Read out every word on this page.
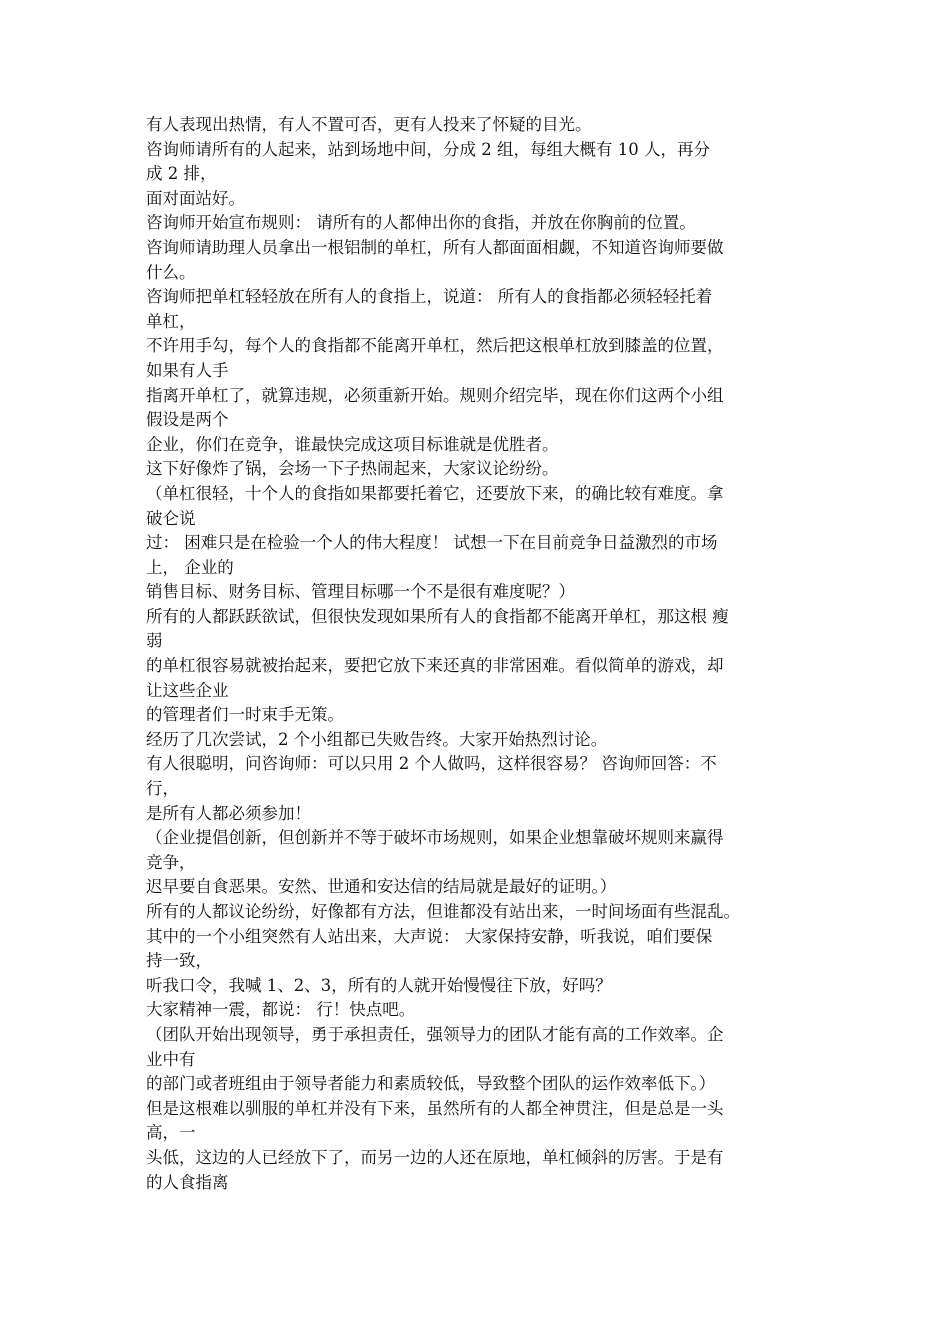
有人表现出热情，有人不置可否，更有人投来了怀疑的目光。

咨询师请所有的人起来，站到场地中间，分成 2 组，每组大概有 10 人，再分

成 2 排，

面对面站好。

咨询师开始宣布规则： 请所有的人都伸出你的食指，并放在你胸前的位置。

咨询师请助理人员拿出一根铝制的单杠，所有人都面面相觑，不知道咨询师要做

什么。

咨询师把单杠轻轻放在所有人的食指上，说道： 所有人的食指都必须轻轻托着

单杠，

不许用手勾，每个人的食指都不能离开单杠，然后把这根单杠放到膝盖的位置，

如果有人手

指离开单杠了，就算违规，必须重新开始。规则介绍完毕，现在你们这两个小组

假设是两个

企业，你们在竞争，谁最快完成这项目标谁就是优胜者。

这下好像炸了锅，会场一下子热闹起来，大家议论纷纷。

（单杠很轻，十个人的食指如果都要托着它，还要放下来，的确比较有难度。拿

破仑说

过： 困难只是在检验一个人的伟大程度！ 试想一下在目前竞争日益激烈的市场

上， 企业的

销售目标、财务目标、管理目标哪一个不是很有难度呢？）

所有的人都跃跃欲试，但很快发现如果所有人的食指都不能离开单杠，那这根 瘦

弱

的单杠很容易就被抬起来，要把它放下来还真的非常困难。看似简单的游戏，却

让这些企业

的管理者们一时束手无策。

经历了几次尝试，2 个小组都已失败告终。大家开始热烈讨论。

有人很聪明，问咨询师：可以只用 2 个人做吗，这样很容易？ 咨询师回答：不

行，

是所有人都必须参加！

（企业提倡创新，但创新并不等于破坏市场规则，如果企业想靠破坏规则来赢得

竞争，

迟早要自食恶果。安然、世通和安达信的结局就是最好的证明。）

所有的人都议论纷纷，好像都有方法，但谁都没有站出来，一时间场面有些混乱。

其中的一个小组突然有人站出来，大声说： 大家保持安静，听我说，咱们要保

持一致，

听我口令，我喊 1、2、3，所有的人就开始慢慢往下放，好吗？

大家精神一震，都说： 行！快点吧。

（团队开始出现领导，勇于承担责任，强领导力的团队才能有高的工作效率。企

业中有

的部门或者班组由于领导者能力和素质较低，导致整个团队的运作效率低下。）

但是这根难以驯服的单杠并没有下来，虽然所有的人都全神贯注，但是总是一头

高，一

头低，这边的人已经放下了，而另一边的人还在原地，单杠倾斜的厉害。于是有

的人食指离
